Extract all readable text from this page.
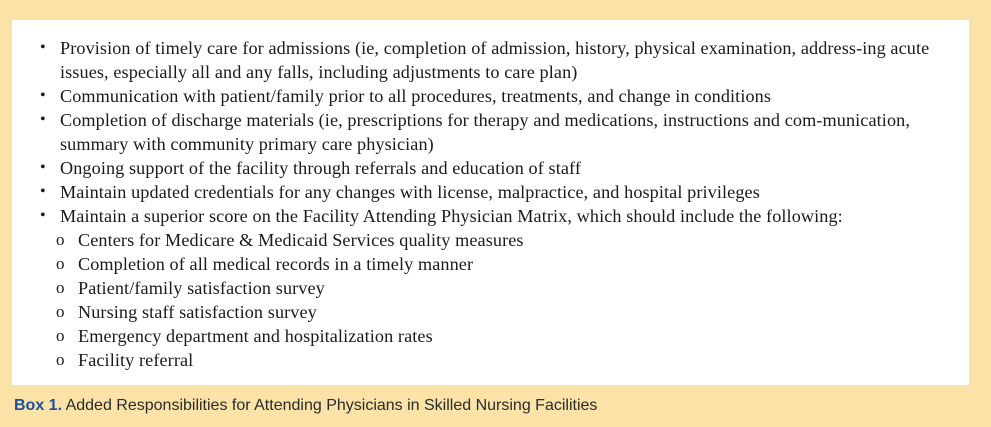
• Provision of timely care for admissions (ie, completion of admission, history, physical examination, address-ing acute issues, especially all and any falls, including adjustments to care plan)
• Communication with patient/family prior to all procedures, treatments, and change in conditions
• Completion of discharge materials (ie, prescriptions for therapy and medications, instructions and com-munication, summary with community primary care physician)
• Ongoing support of the facility through referrals and education of staff
• Maintain updated credentials for any changes with license, malpractice, and hospital privileges
• Maintain a superior score on the Facility Attending Physician Matrix, which should include the following:
o Centers for Medicare & Medicaid Services quality measures
o Completion of all medical records in a timely manner
o Patient/family satisfaction survey
o Nursing staff satisfaction survey
o Emergency department and hospitalization rates
o Facility referral
Box 1. Added Responsibilities for Attending Physicians in Skilled Nursing Facilities
